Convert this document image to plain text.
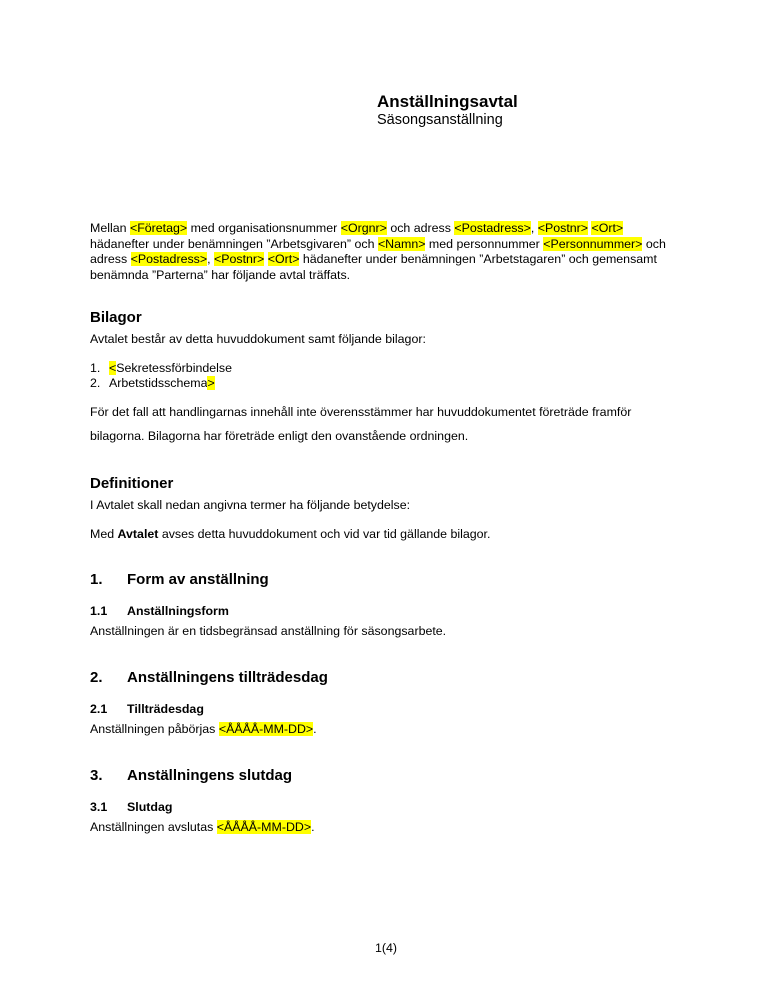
Anställningsavtal
Säsongsanställning
Mellan <Företag> med organisationsnummer <Orgnr> och adress <Postadress>, <Postnr> <Ort>
hädanefter under benämningen ”Arbetsgivaren” och <Namn> med personnummer <Personnummer> och adress <Postadress>, <Postnr> <Ort> hädanefter under benämningen ”Arbetstagaren” och gemensamt benämnda ”Parterna” har följande avtal träffats.
Bilagor
Avtalet består av detta huvuddokument samt följande bilagor:
1. <Sekretessförbindelse
2. Arbetstidsschema>
För det fall att handlingarnas innehåll inte överensstämmer har huvuddokumentet företräde framför
bilagorna. Bilagorna har företräde enligt den ovanstående ordningen.
Definitioner
I Avtalet skall nedan angivna termer ha följande betydelse:
Med Avtalet avses detta huvuddokument och vid var tid gällande bilagor.
1. Form av anställning
1.1 Anställningsform
Anställningen är en tidsbegränsad anställning för säsongsarbete.
2. Anställningens tillträdesdag
2.1 Tillträdesdag
Anställningen påbörjas <ÅÅÅÅ-MM-DD>.
3. Anställningens slutdag
3.1 Slutdag
Anställningen avslutas <ÅÅÅÅ-MM-DD>.
1(4)
